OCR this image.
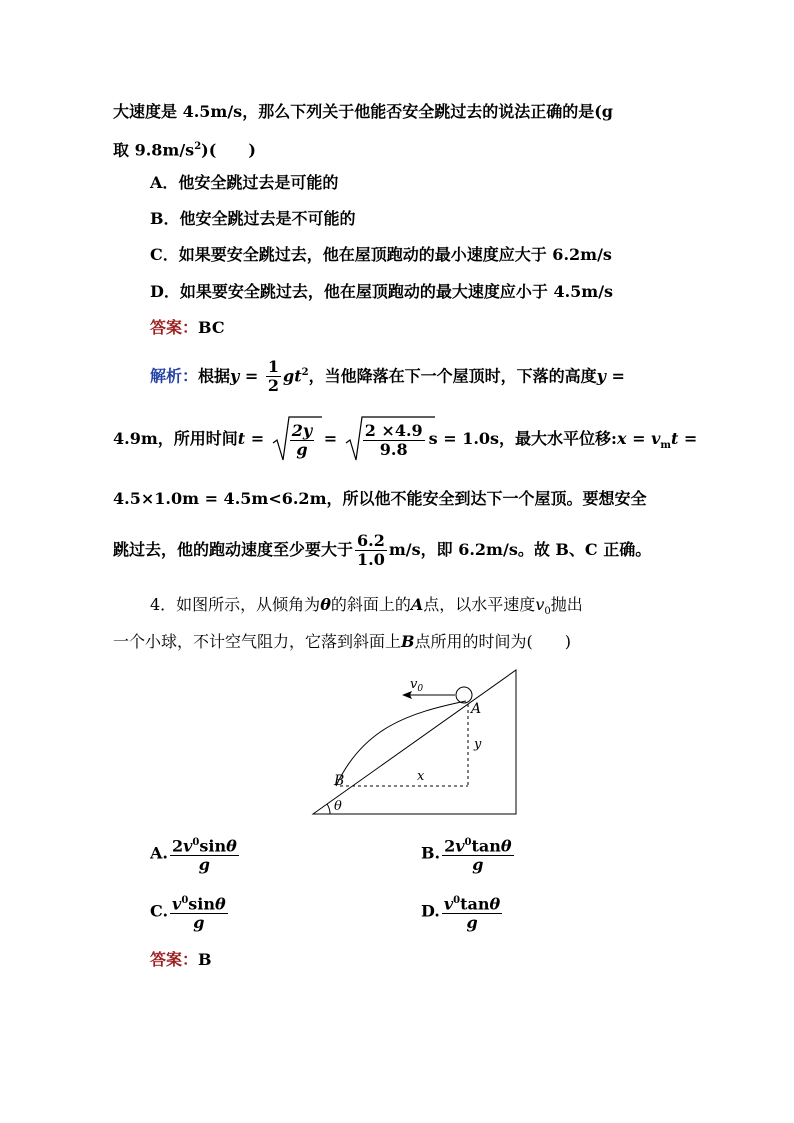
大速度是 4.5m/s，那么下列关于他能否安全跳过去的说法正确的是(g
取 $9.8m/s^2$)(　　)
A．他安全跳过去是可能的
B．他安全跳过去是不可能的
C．如果要安全跳过去，他在屋顶跑动的最小速度应大于 6.2m/s
D．如果要安全跳过去，他在屋顶跑动的最大速度应小于 4.5m/s
答案：BC
解析：根据$y = \frac{1}{2} gt^2$，当他降落在下一个屋顶时，下落的高度y =
4.9m，所用时间$t = \frac{2y}{g} = \frac{2 \times 4.9}{9.8}$ s = 1.0s，最大水平位移:x = $v_mt$ =
4.5×1.0m = 4.5m<6.2m，所以他不能安全到达下一个屋顶。要想安全
跳过去，他的跑动速度至少要大于 $\frac{6.2}{1.0} m/s$，即 6.2m/s。故 B、C 正确。
4．如图所示，从倾角为θ的斜面上的A点，以水平速度$v_0$抛出
一个小球，不计空气阻力，它落到斜面上B点所用的时间为(　　)
$v_0$
A
B	x
y
θ
A. $\frac{2v^0\sin\theta}{g}$	B. $\frac{2v^0\tan\theta}{g}$
C. $\frac{v^0\sin\theta}{g}$	D. $\frac{v^0\tan\theta}{g}$
答案：B
